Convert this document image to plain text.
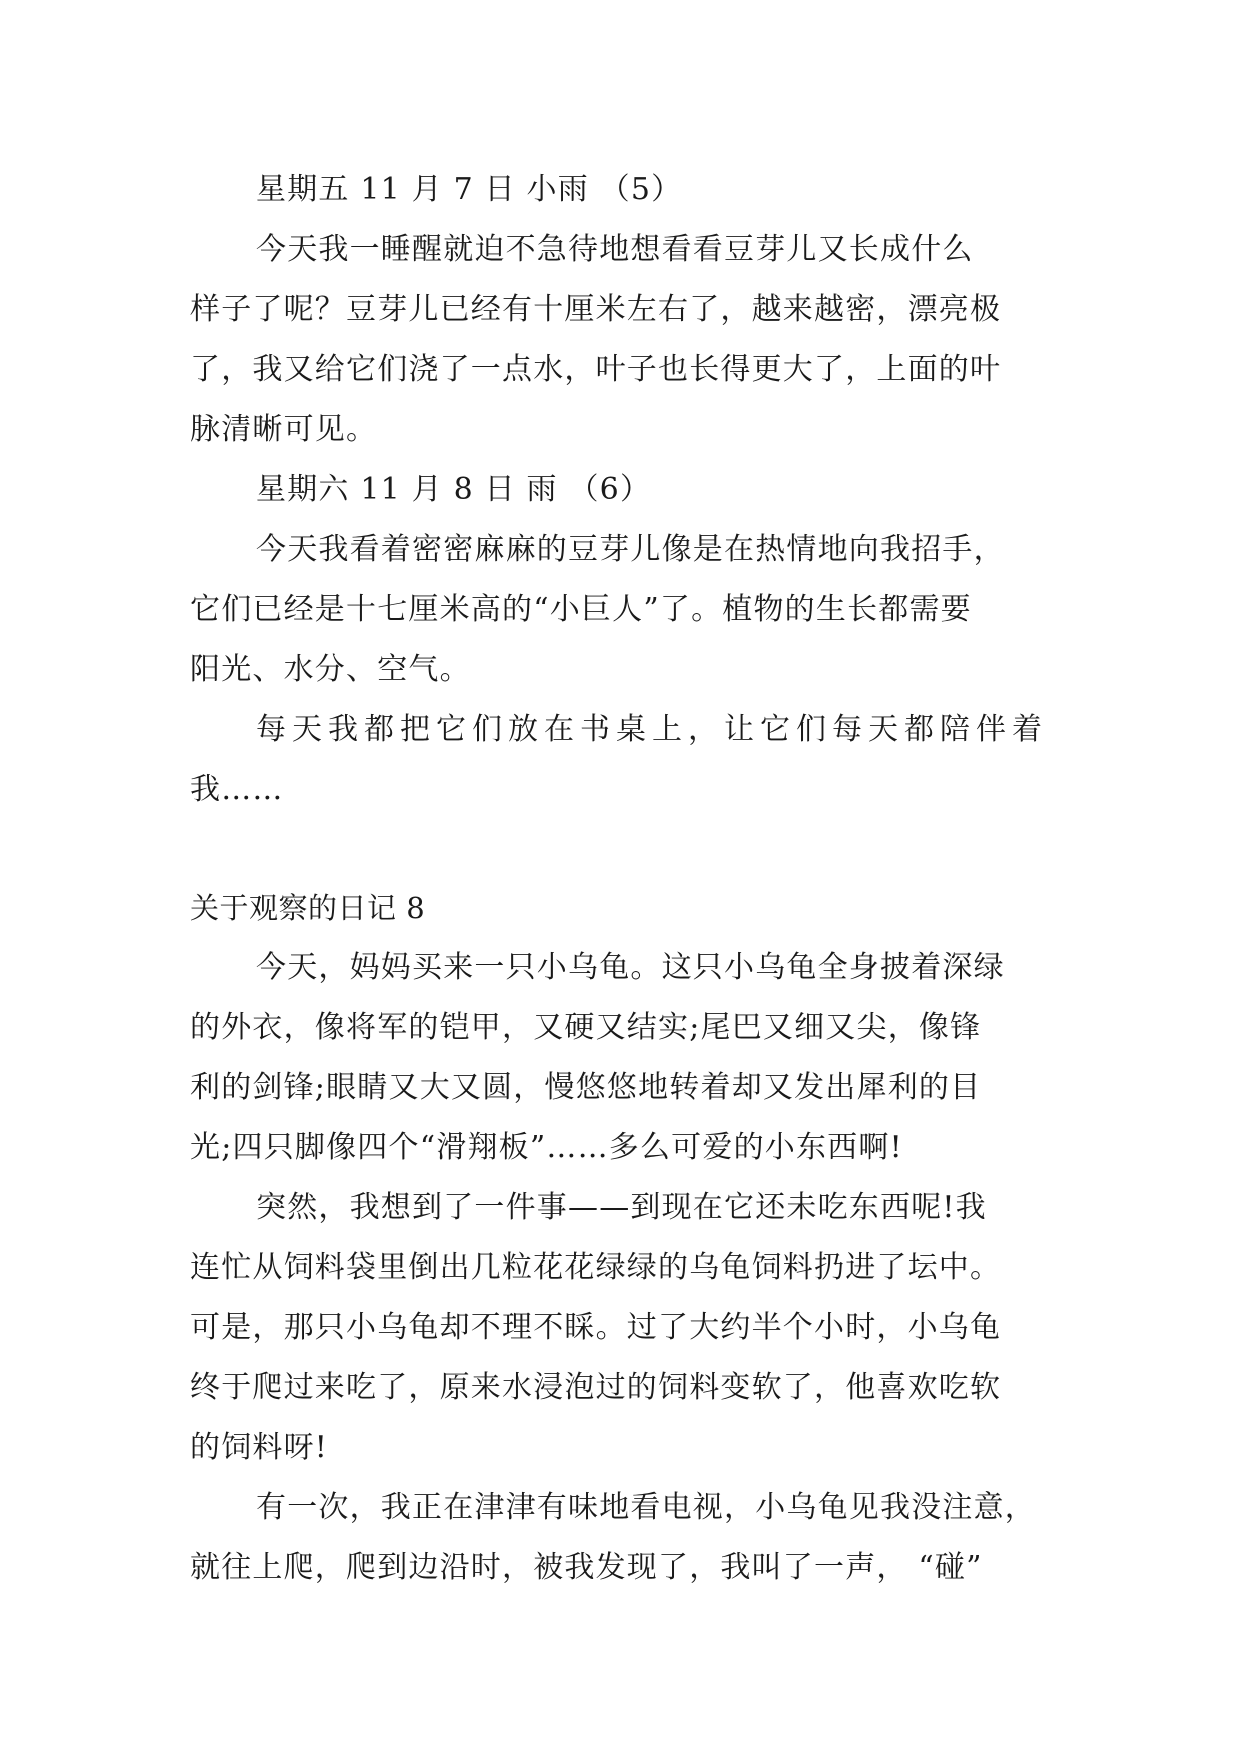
星期五 11 月 7 日 小雨 （5）
今天我一睡醒就迫不急待地想看看豆芽儿又长成什么
样子了呢？豆芽儿已经有十厘米左右了，越来越密，漂亮极
了，我又给它们浇了一点水，叶子也长得更大了，上面的叶
脉清晰可见。
星期六 11 月 8 日 雨 （6）
今天我看着密密麻麻的豆芽儿像是在热情地向我招手，
它们已经是十七厘米高的“小巨人”了。植物的生长都需要
阳光、水分、空气。
每天我都把它们放在书桌上，让它们每天都陪伴着
我……
关于观察的日记 8
今天，妈妈买来一只小乌龟。这只小乌龟全身披着深绿
的外衣，像将军的铠甲，又硬又结实;尾巴又细又尖，像锋
利的剑锋;眼睛又大又圆，慢悠悠地转着却又发出犀利的目
光;四只脚像四个“滑翔板”……多么可爱的小东西啊!
突然，我想到了一件事——到现在它还未吃东西呢!我
连忙从饲料袋里倒出几粒花花绿绿的乌龟饲料扔进了坛中。
可是，那只小乌龟却不理不睬。过了大约半个小时，小乌龟
终于爬过来吃了，原来水浸泡过的饲料变软了，他喜欢吃软
的饲料呀!
有一次，我正在津津有味地看电视，小乌龟见我没注意，
就往上爬，爬到边沿时，被我发现了，我叫了一声， “碰”
